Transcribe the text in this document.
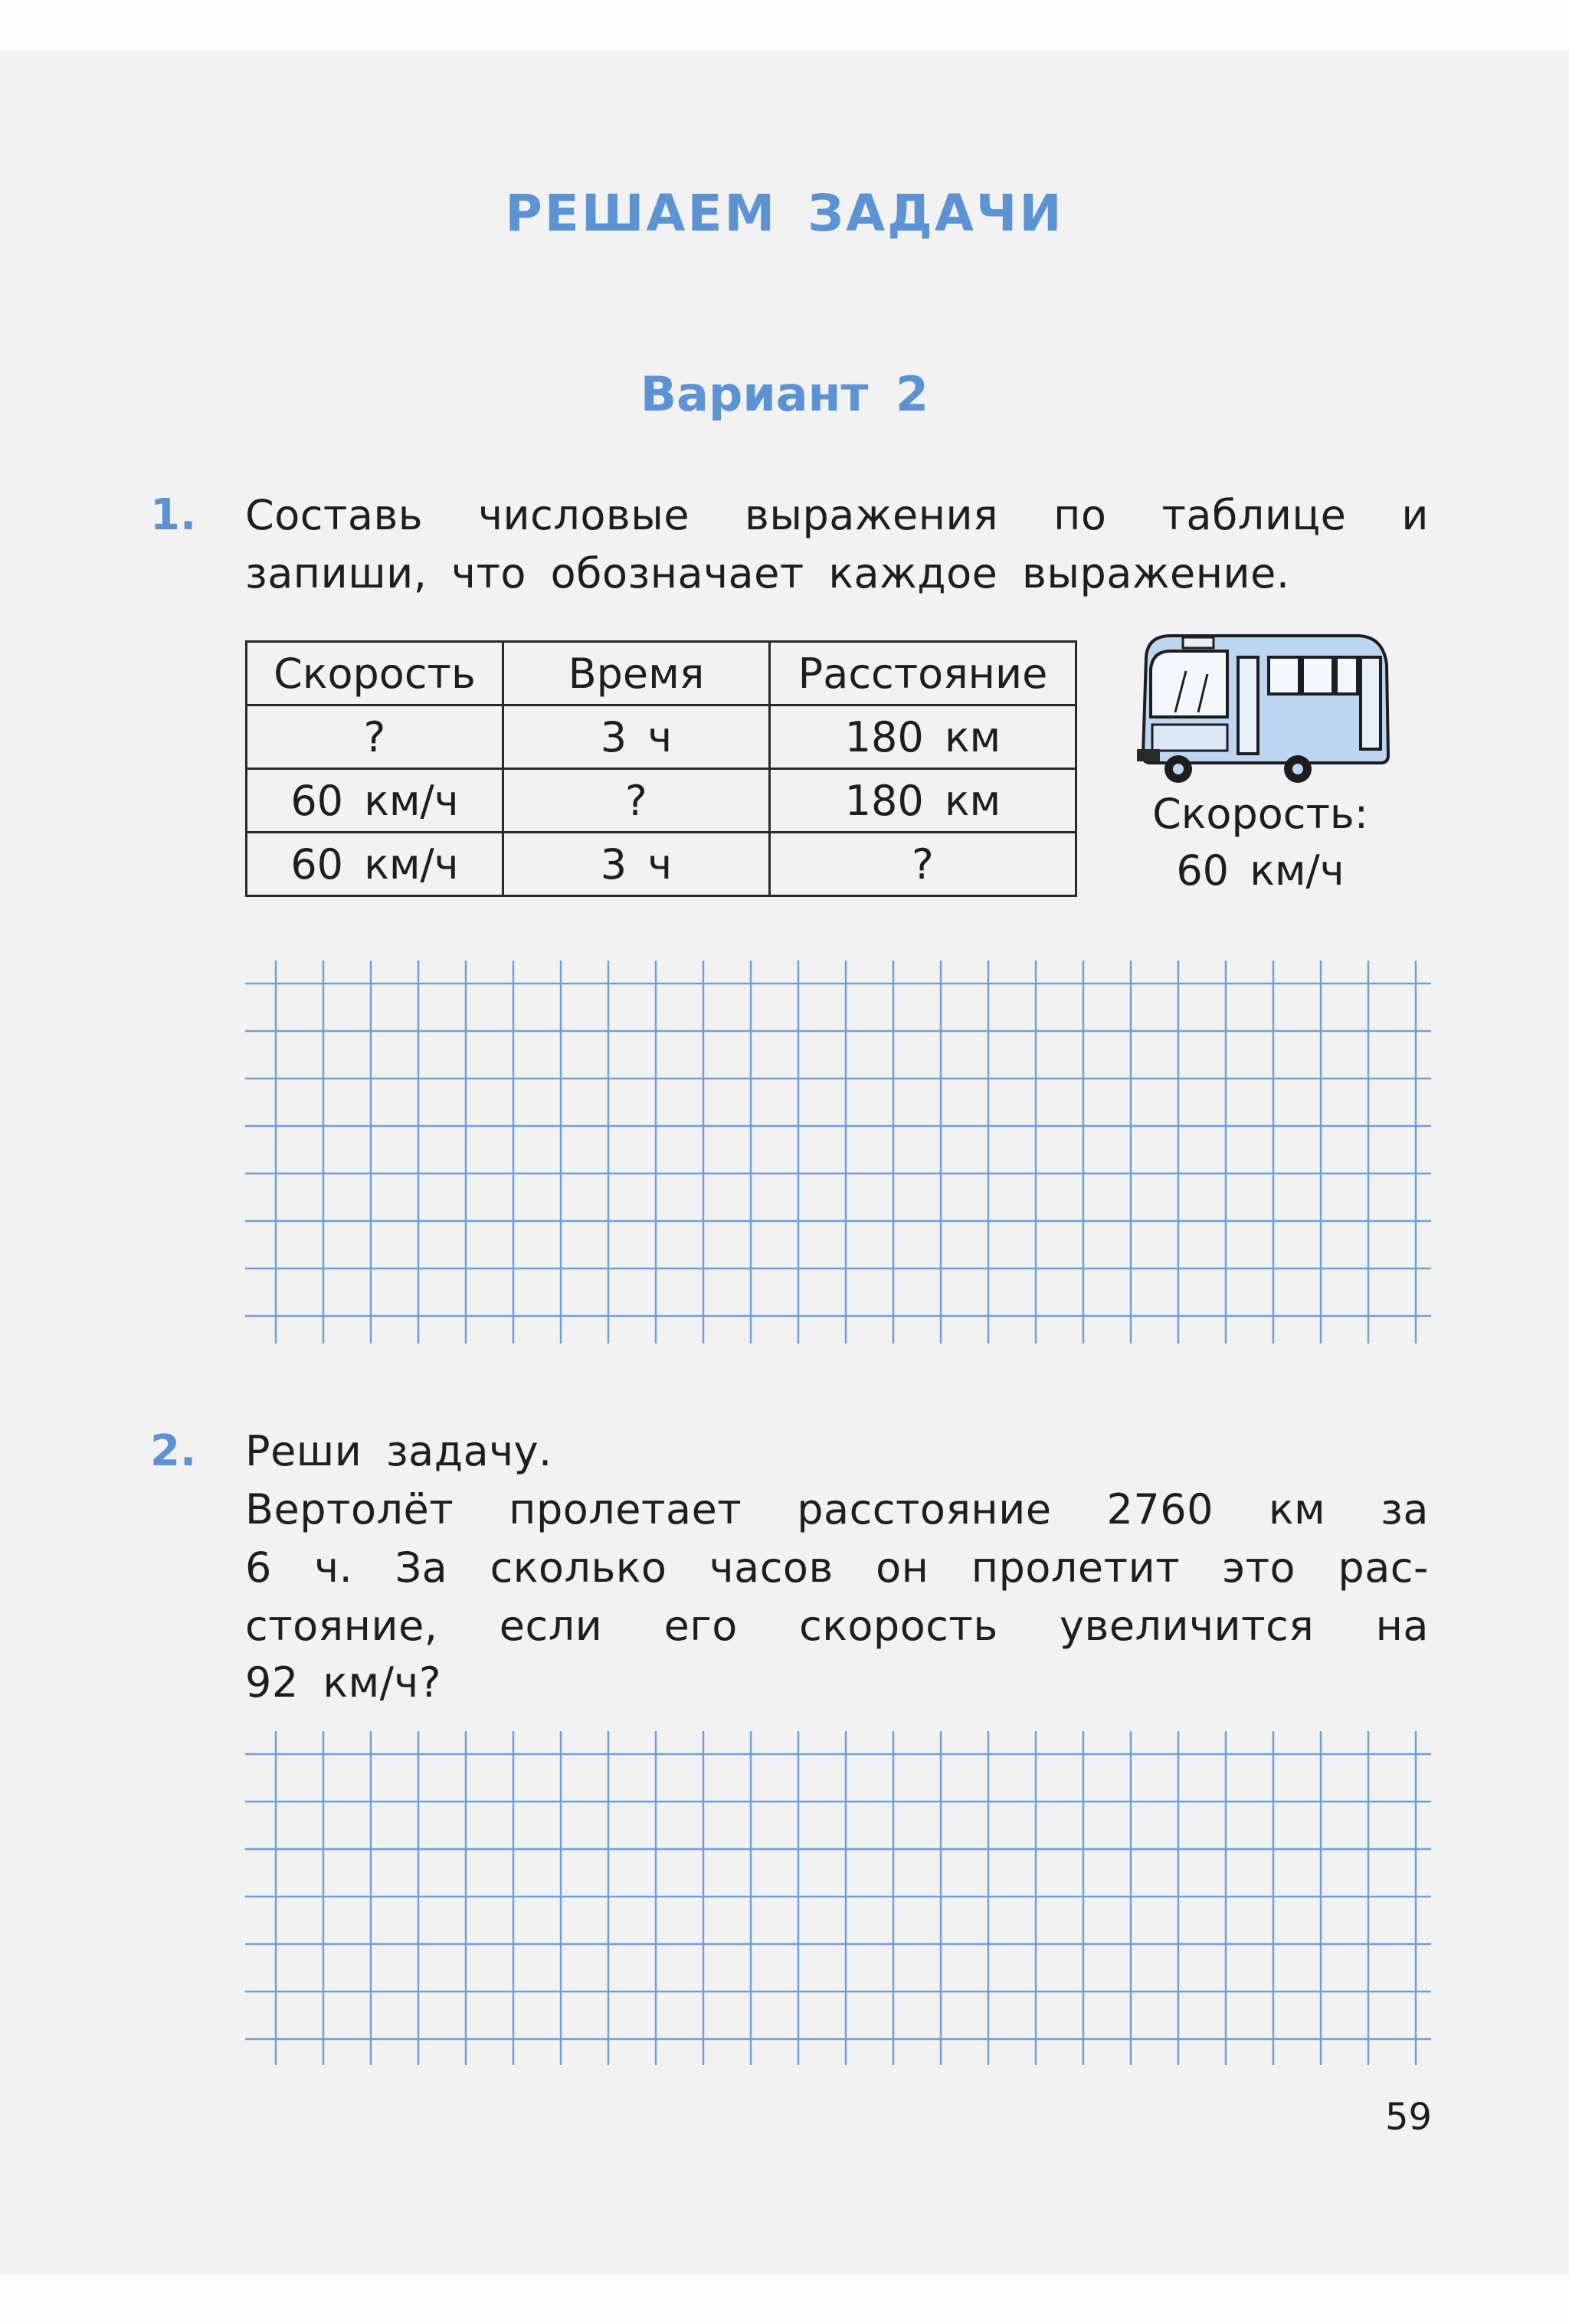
РЕШАЕМ ЗАДАЧИ
Вариант 2
1. Составь числовые выражения по таблице и
запиши, что обозначает каждое выражение.
Скорость	Время	Расстояние
?	3 ч	180 км
60 км/ч	?	180 км
60 км/ч	3 ч	?
Скорость:
60 км/ч
2. Реши задачу.
Вертолёт пролетает расстояние 2760 км за
6 ч. За сколько часов он пролетит это рас-
стояние, если его скорость увеличится на
92 км/ч?
59
